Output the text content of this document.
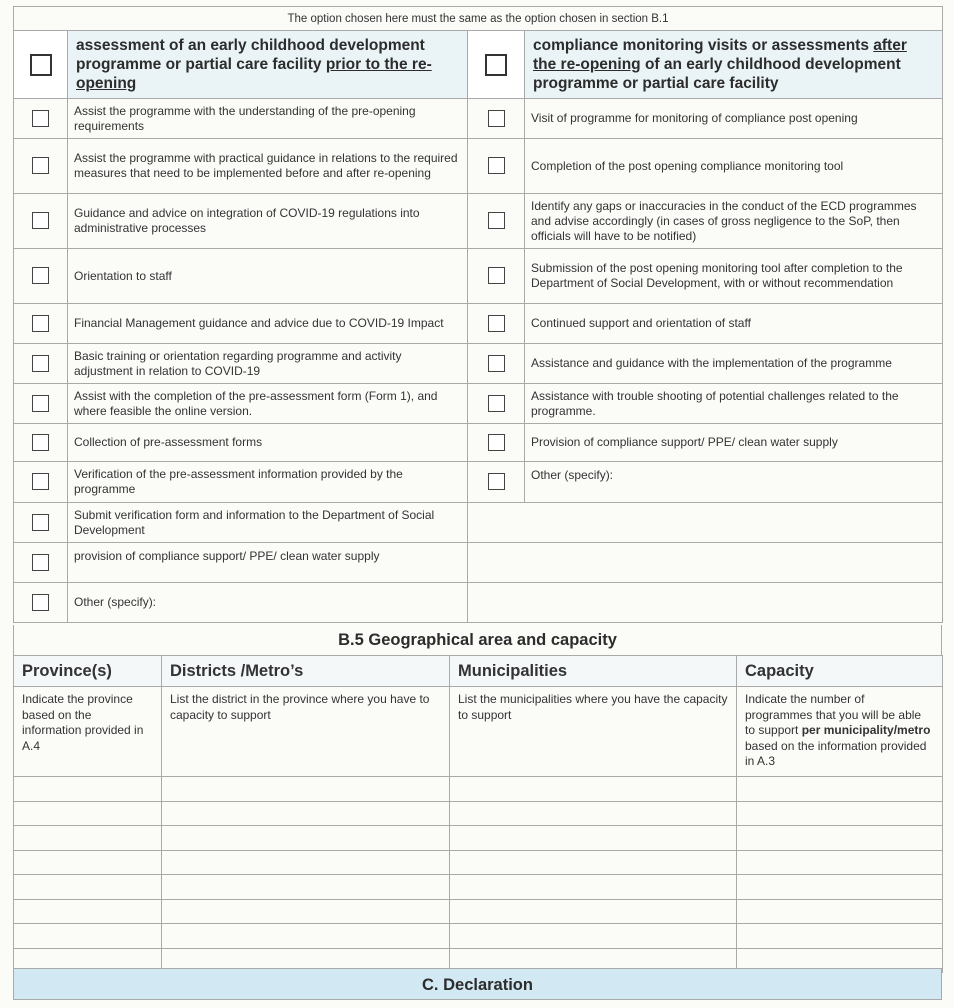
The option chosen here must the same as the option chosen in section B.1			
	assessment of an early childhood development programme or partial care facility prior to the re-opening		compliance monitoring visits or assessments after the re-opening of an early childhood development programme or partial care facility
	Assist the programme with the understanding of the pre-opening requirements		Visit of programme for monitoring of compliance post opening
	Assist the programme with practical guidance in relations to the required measures that need to be implemented before and after re-opening		Completion of the post opening compliance monitoring tool
	Guidance and advice on integration of COVID-19 regulations into administrative processes		Identify any gaps or inaccuracies in the conduct of the ECD programmes and advise accordingly (in cases of gross negligence to the SoP, then officials will have to be notified)
	Orientation to staff		Submission of the post opening monitoring tool after completion to the Department of Social Development, with or without recommendation
	Financial Management guidance and advice due to COVID-19 Impact		Continued support and orientation of staff
	Basic training or orientation regarding programme and activity adjustment in relation to COVID-19		Assistance and guidance with the implementation of the programme
	Assist with the completion of the pre-assessment form (Form 1), and where feasible the online version.		Assistance with trouble shooting of potential challenges related to the programme.
	Collection of pre-assessment forms		Provision of compliance support/ PPE/ clean water supply
	Verification of the pre-assessment information provided by the programme		Other (specify):
	Submit verification form and information to the Department of Social Development		
	provision of compliance support/ PPE/ clean water supply		
	Other (specify):		
B.5 Geographical area and capacity
Province(s)	Districts /Metro’s	Municipalities	Capacity
Indicate the province based on the information provided in A.4	List the district in the province where you have to capacity to support	List the municipalities where you have the capacity to support	Indicate the number of programmes that you will be able to support per municipality/metro based on the information provided in A.3

C. Declaration
